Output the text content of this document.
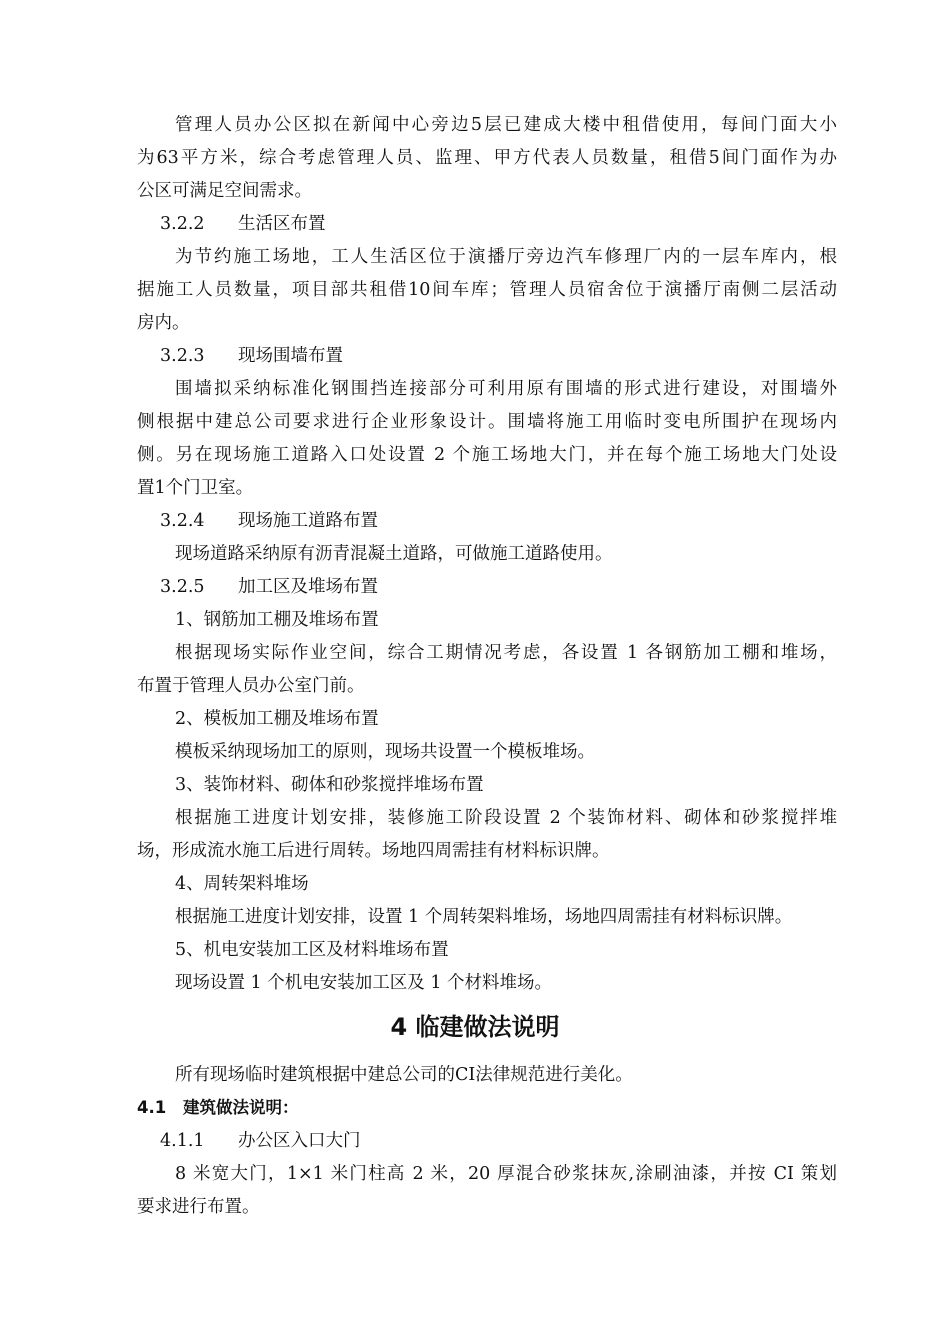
管理人员办公区拟在新闻中心旁边5层已建成大楼中租借使用，每间门面大小
为63平方米，综合考虑管理人员、监理、甲方代表人员数量，租借5间门面作为办
公区可满足空间需求。
3.2.2 生活区布置
为节约施工场地，工人生活区位于演播厅旁边汽车修理厂内的一层车库内，根
据施工人员数量，项目部共租借10间车库；管理人员宿舍位于演播厅南侧二层活动
房内。
3.2.3 现场围墙布置
围墙拟采纳标准化钢围挡连接部分可利用原有围墙的形式进行建设，对围墙外
侧根据中建总公司要求进行企业形象设计。围墙将施工用临时变电所围护在现场内
侧。另在现场施工道路入口处设置 2 个施工场地大门，并在每个施工场地大门处设
置1个门卫室。
3.2.4 现场施工道路布置
现场道路采纳原有沥青混凝土道路，可做施工道路使用。
3.2.5 加工区及堆场布置
1、钢筋加工棚及堆场布置
根据现场实际作业空间，综合工期情况考虑，各设置 1 各钢筋加工棚和堆场，
布置于管理人员办公室门前。
2、模板加工棚及堆场布置
模板采纳现场加工的原则，现场共设置一个模板堆场。
3、装饰材料、砌体和砂浆搅拌堆场布置
根据施工进度计划安排，装修施工阶段设置 2 个装饰材料、砌体和砂浆搅拌堆
场，形成流水施工后进行周转。场地四周需挂有材料标识牌。
4、周转架料堆场
根据施工进度计划安排，设置 1 个周转架料堆场，场地四周需挂有材料标识牌。
5、机电安装加工区及材料堆场布置
现场设置 1 个机电安装加工区及 1 个材料堆场。
4 临建做法说明
所有现场临时建筑根据中建总公司的CI法律规范进行美化。
4.1 建筑做法说明：
4.1.1 办公区入口大门
8 米宽大门，1×1 米门柱高 2 米，20 厚混合砂浆抹灰,涂刷油漆，并按 CI 策划
要求进行布置。
